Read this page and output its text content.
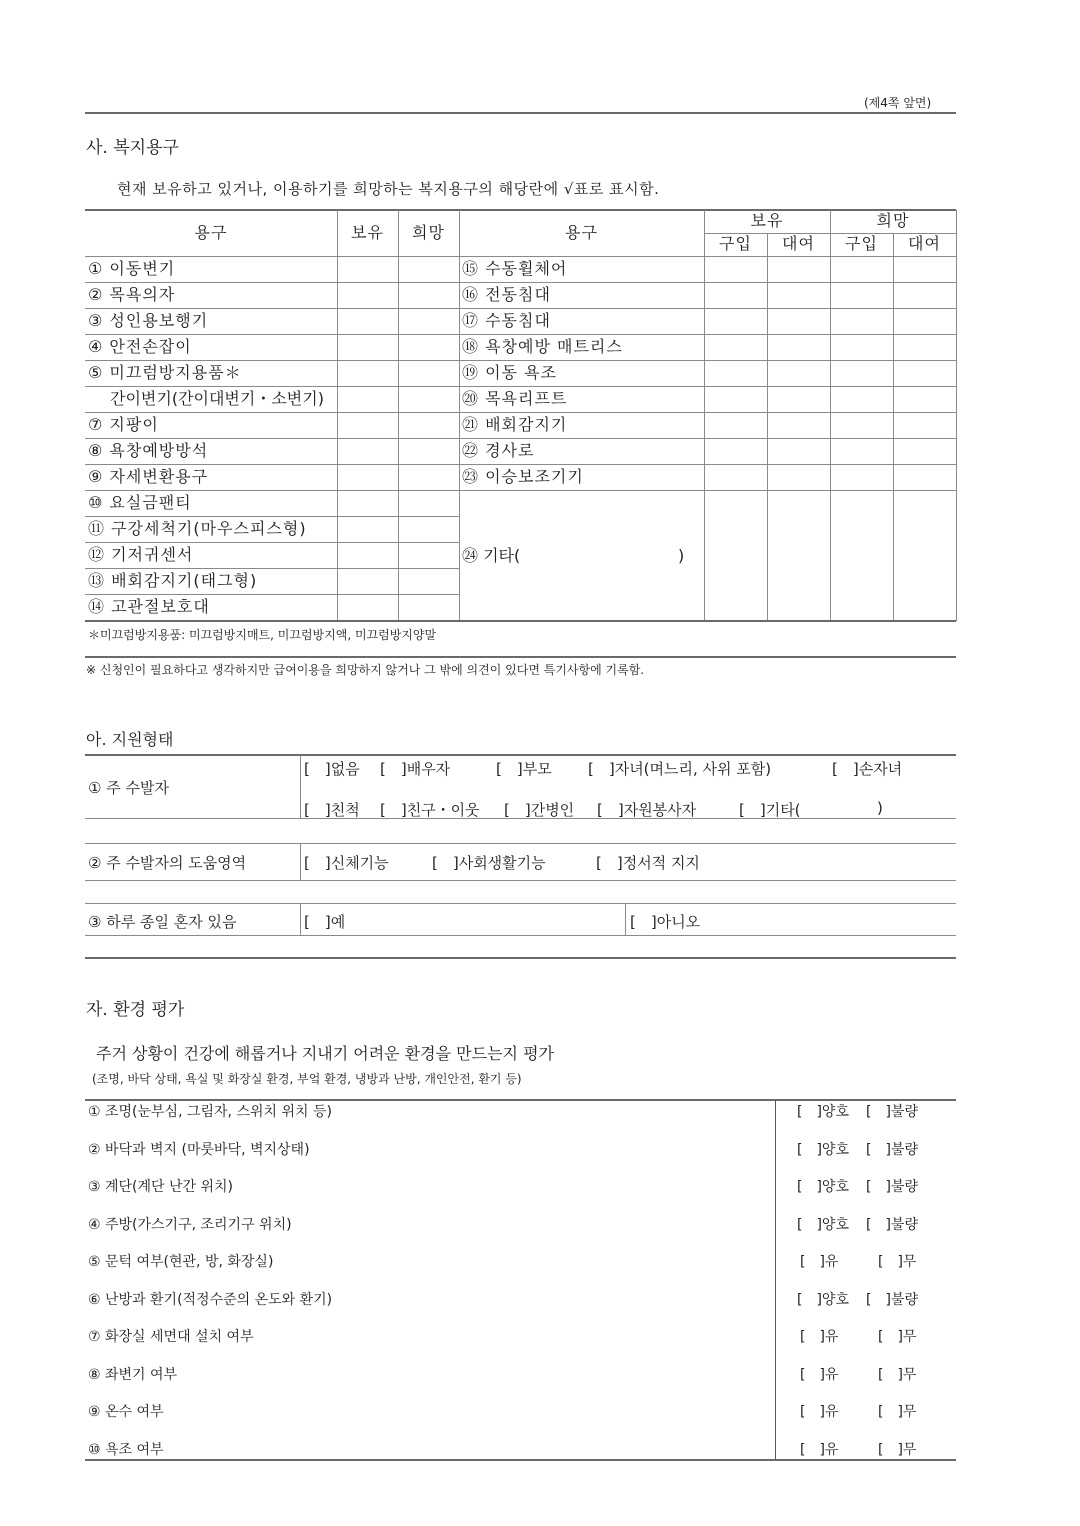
(제4쪽 앞면)
사. 복지용구
현재 보유하고 있거나, 이용하기를 희망하는 복지용구의 해당란에 √표로 표시함.
용구	보유	희망	용구
보유	희망
구입	대여	구입	대여
① 이동변기	⑮ 수동휠체어
② 목욕의자	⑯ 전동침대
③ 성인용보행기	⑰ 수동침대
④ 안전손잡이	⑱ 욕창예방 매트리스
⑤ 미끄럼방지용품＊	⑲ 이동 욕조
간이변기(간이대변기・소변기)	⑳ 목욕리프트
⑦ 지팡이	㉑ 배회감지기
⑧ 욕창예방방석	㉒ 경사로
⑨ 자세변환용구	㉓ 이승보조기기
⑩ 요실금팬티
⑪ 구강세척기(마우스피스형)
⑫ 기저귀센서
⑬ 배회감지기(태그형)
⑭ 고관절보호대
㉔ 기타(	)
＊미끄럼방지용품: 미끄럼방지매트, 미끄럼방지액, 미끄럼방지양말
※ 신청인이 필요하다고 생각하지만 급여이용을 희망하지 않거나 그 밖에 의견이 있다면 특기사항에 기록함.
아. 지원형태
① 주 수발자
[　]없음 [　]배우자	[　]부모 [　]자녀(며느리, 사위 포함)	[　]손자녀
[　]친척 [　]친구・이웃 [　]간병인 [　]자원봉사자	[　]기타(	)
② 주 수발자의 도움영역	[　]신체기능	[　]사회생활기능	[　]정서적 지지
③ 하루 종일 혼자 있음	[　]예	[　]아니오
자. 환경 평가
주거 상황이 건강에 해롭거나 지내기 어려운 환경을 만드는지 평가
(조명, 바닥 상태, 욕실 및 화장실 환경, 부엌 환경, 냉방과 난방, 개인안전, 환기 등)
① 조명(눈부심, 그림자, 스위치 위치 등)	[　]양호 [　]불량
② 바닥과 벽지 (마룻바닥, 벽지상태)	[　]양호 [　]불량
③ 계단(계단 난간 위치)	[　]양호 [　]불량
④ 주방(가스기구, 조리기구 위치)	[　]양호 [　]불량
⑤ 문턱 여부(현관, 방, 화장실)	[　]유	[　]무
⑥ 난방과 환기(적정수준의 온도와 환기)	[　]양호 [　]불량
⑦ 화장실 세면대 설치 여부	[　]유	[　]무
⑧ 좌변기 여부	[　]유	[　]무
⑨ 온수 여부	[　]유	[　]무
⑩ 욕조 여부	[　]유	[　]무
